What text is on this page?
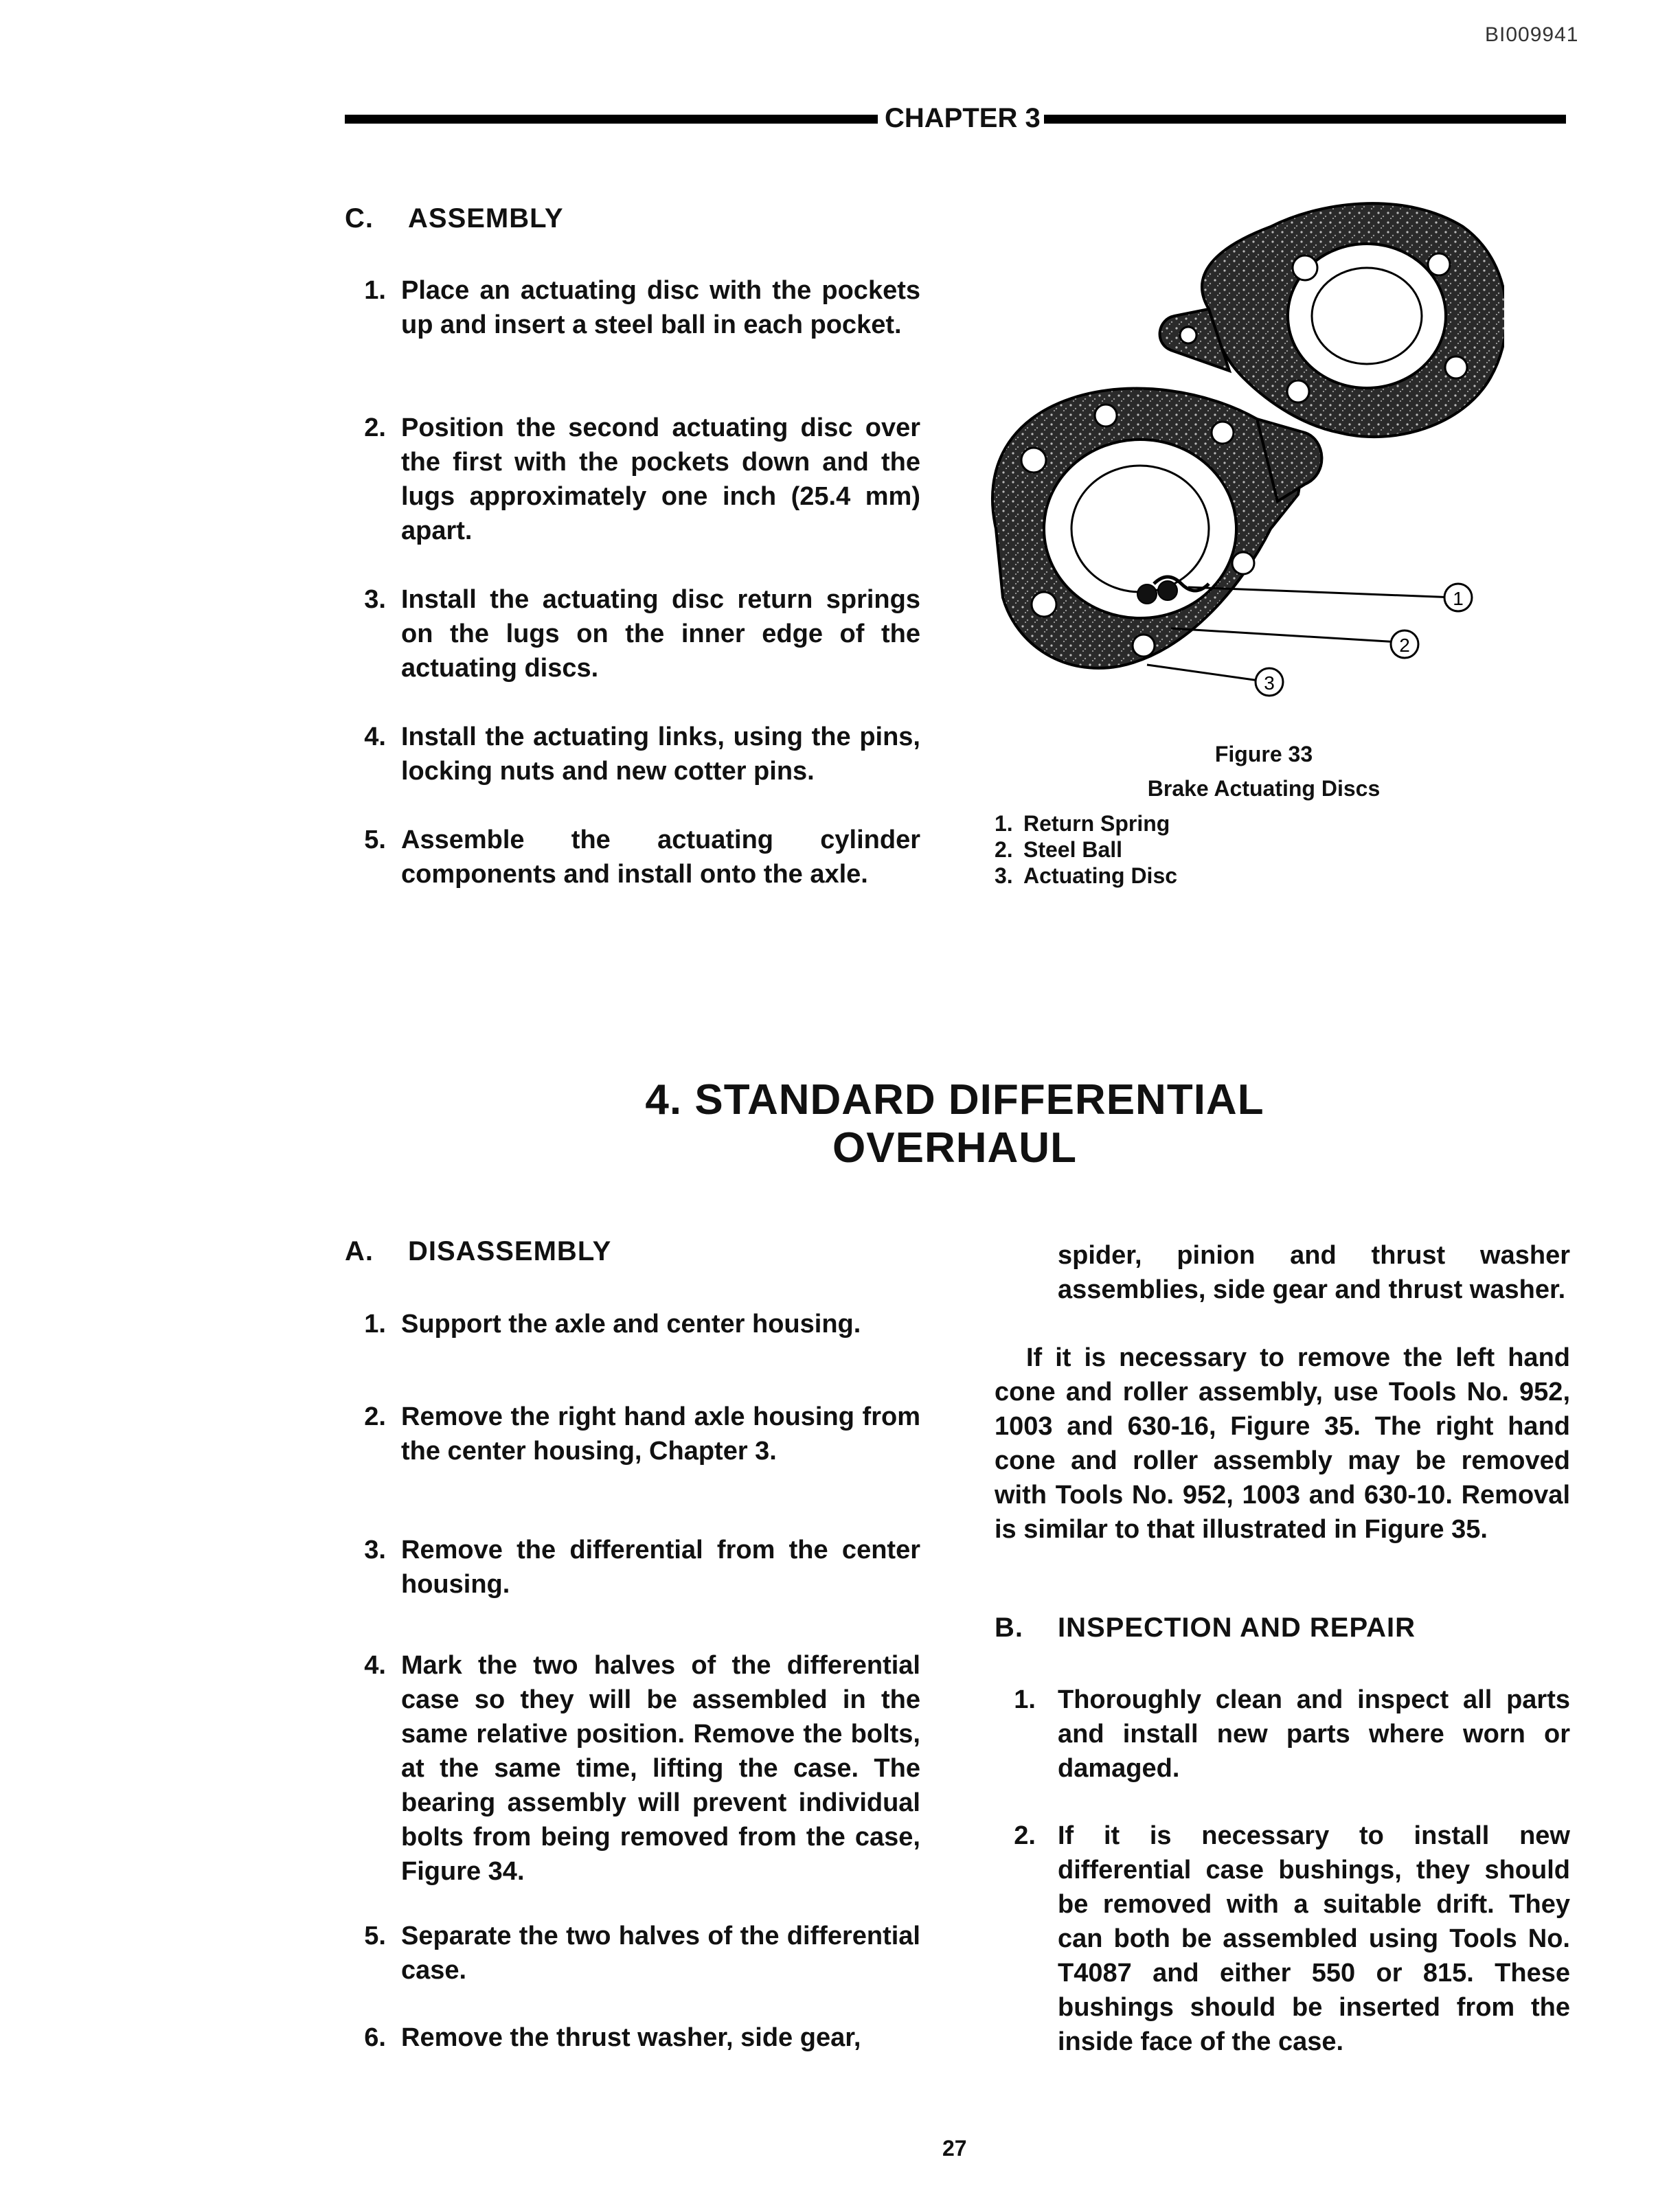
BI009941
CHAPTER 3
C. ASSEMBLY
1. Place an actuating disc with the pockets up and insert a steel ball in each pocket.
2. Position the second actuating disc over the first with the pockets down and the lugs approximately one inch (25.4 mm) apart.
3. Install the actuating disc return springs on the lugs on the inner edge of the actuating discs.
4. Install the actuating links, using the pins, locking nuts and new cotter pins.
5. Assemble the actuating cylinder components and install onto the axle.
1
2
3
Figure 33
Brake Actuating Discs
1. Return Spring
2. Steel Ball
3. Actuating Disc
4. STANDARD DIFFERENTIAL
OVERHAUL
A. DISASSEMBLY
1. Support the axle and center housing.
2. Remove the right hand axle housing from the center housing, Chapter 3.
3. Remove the differential from the center housing.
4. Mark the two halves of the differential case so they will be assembled in the same relative position. Remove the bolts, at the same time, lifting the case. The bearing assembly will prevent individual bolts from being removed from the case, Figure 34.
5. Separate the two halves of the differential case.
6. Remove the thrust washer, side gear,
spider, pinion and thrust washer assemblies, side gear and thrust washer.
If it is necessary to remove the left hand cone and roller assembly, use Tools No. 952, 1003 and 630-16, Figure 35. The right hand cone and roller assembly may be removed with Tools No. 952, 1003 and 630-10. Removal is similar to that illustrated in Figure 35.
B. INSPECTION AND REPAIR
1. Thoroughly clean and inspect all parts and install new parts where worn or damaged.
2. If it is necessary to install new differential case bushings, they should be removed with a suitable drift. They can both be assembled using Tools No. T4087 and either 550 or 815. These bushings should be inserted from the inside face of the case.
27
